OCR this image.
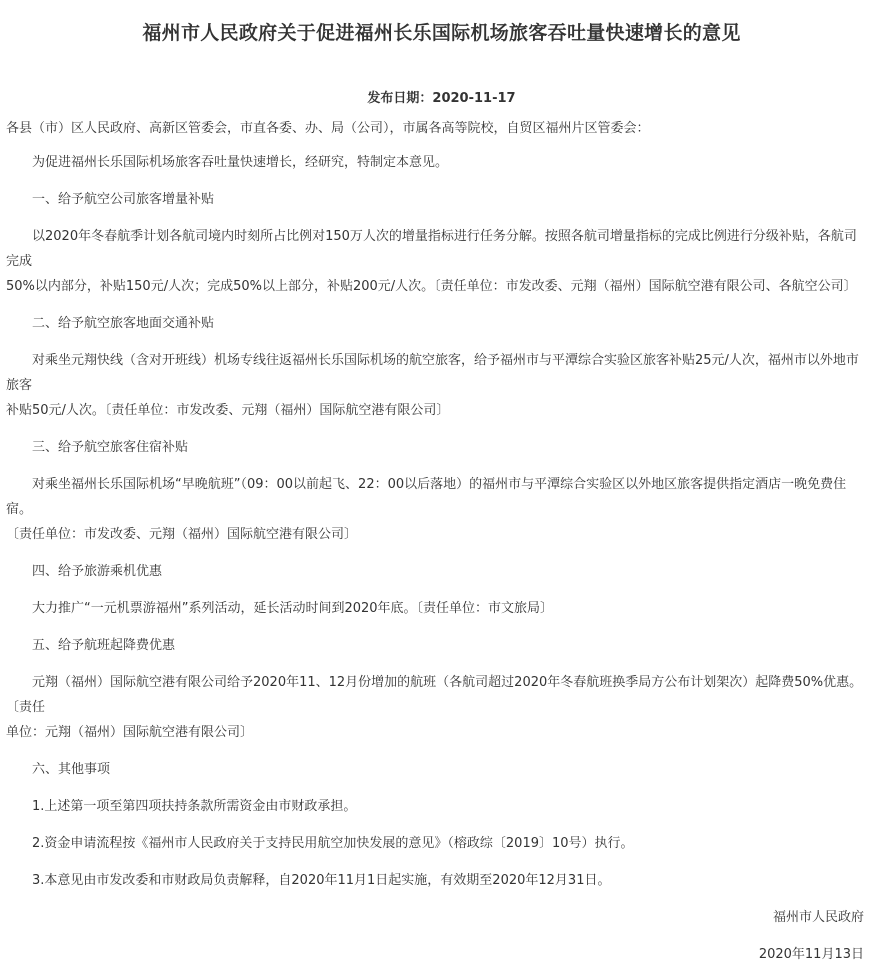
福州市人民政府关于促进福州长乐国际机场旅客吞吐量快速增长的意见
发布日期：2020-11-17

各县（市）区人民政府、高新区管委会，市直各委、办、局（公司），市属各高等院校，自贸区福州片区管委会：

为促进福州长乐国际机场旅客吞吐量快速增长，经研究，特制定本意见。

一、给予航空公司旅客增量补贴

以2020年冬春航季计划各航司境内时刻所占比例对150万人次的增量指标进行任务分解。按照各航司增量指标的完成比例进行分级补贴，各航司完成

50%以内部分，补贴150元/人次；完成50%以上部分，补贴200元/人次。〔责任单位：市发改委、元翔（福州）国际航空港有限公司、各航空公司〕

二、给予航空旅客地面交通补贴

对乘坐元翔快线（含对开班线）机场专线往返福州长乐国际机场的航空旅客，给予福州市与平潭综合实验区旅客补贴25元/人次，福州市以外地市旅客

补贴50元/人次。〔责任单位：市发改委、元翔（福州）国际航空港有限公司〕

三、给予航空旅客住宿补贴

对乘坐福州长乐国际机场“早晚航班”（09：00以前起飞、22：00以后落地）的福州市与平潭综合实验区以外地区旅客提供指定酒店一晚免费住宿。

〔责任单位：市发改委、元翔（福州）国际航空港有限公司〕

四、给予旅游乘机优惠

大力推广“一元机票游福州”系列活动，延长活动时间到2020年底。〔责任单位：市文旅局〕

五、给予航班起降费优惠

元翔（福州）国际航空港有限公司给予2020年11、12月份增加的航班（各航司超过2020年冬春航班换季局方公布计划架次）起降费50%优惠。〔责任

单位：元翔（福州）国际航空港有限公司〕

六、其他事项

1.上述第一项至第四项扶持条款所需资金由市财政承担。

2.资金申请流程按《福州市人民政府关于支持民用航空加快发展的意见》（榕政综〔2019〕10号）执行。

3.本意见由市发改委和市财政局负责解释，自2020年11月1日起实施，有效期至2020年12月31日。

福州市人民政府

2020年11月13日
